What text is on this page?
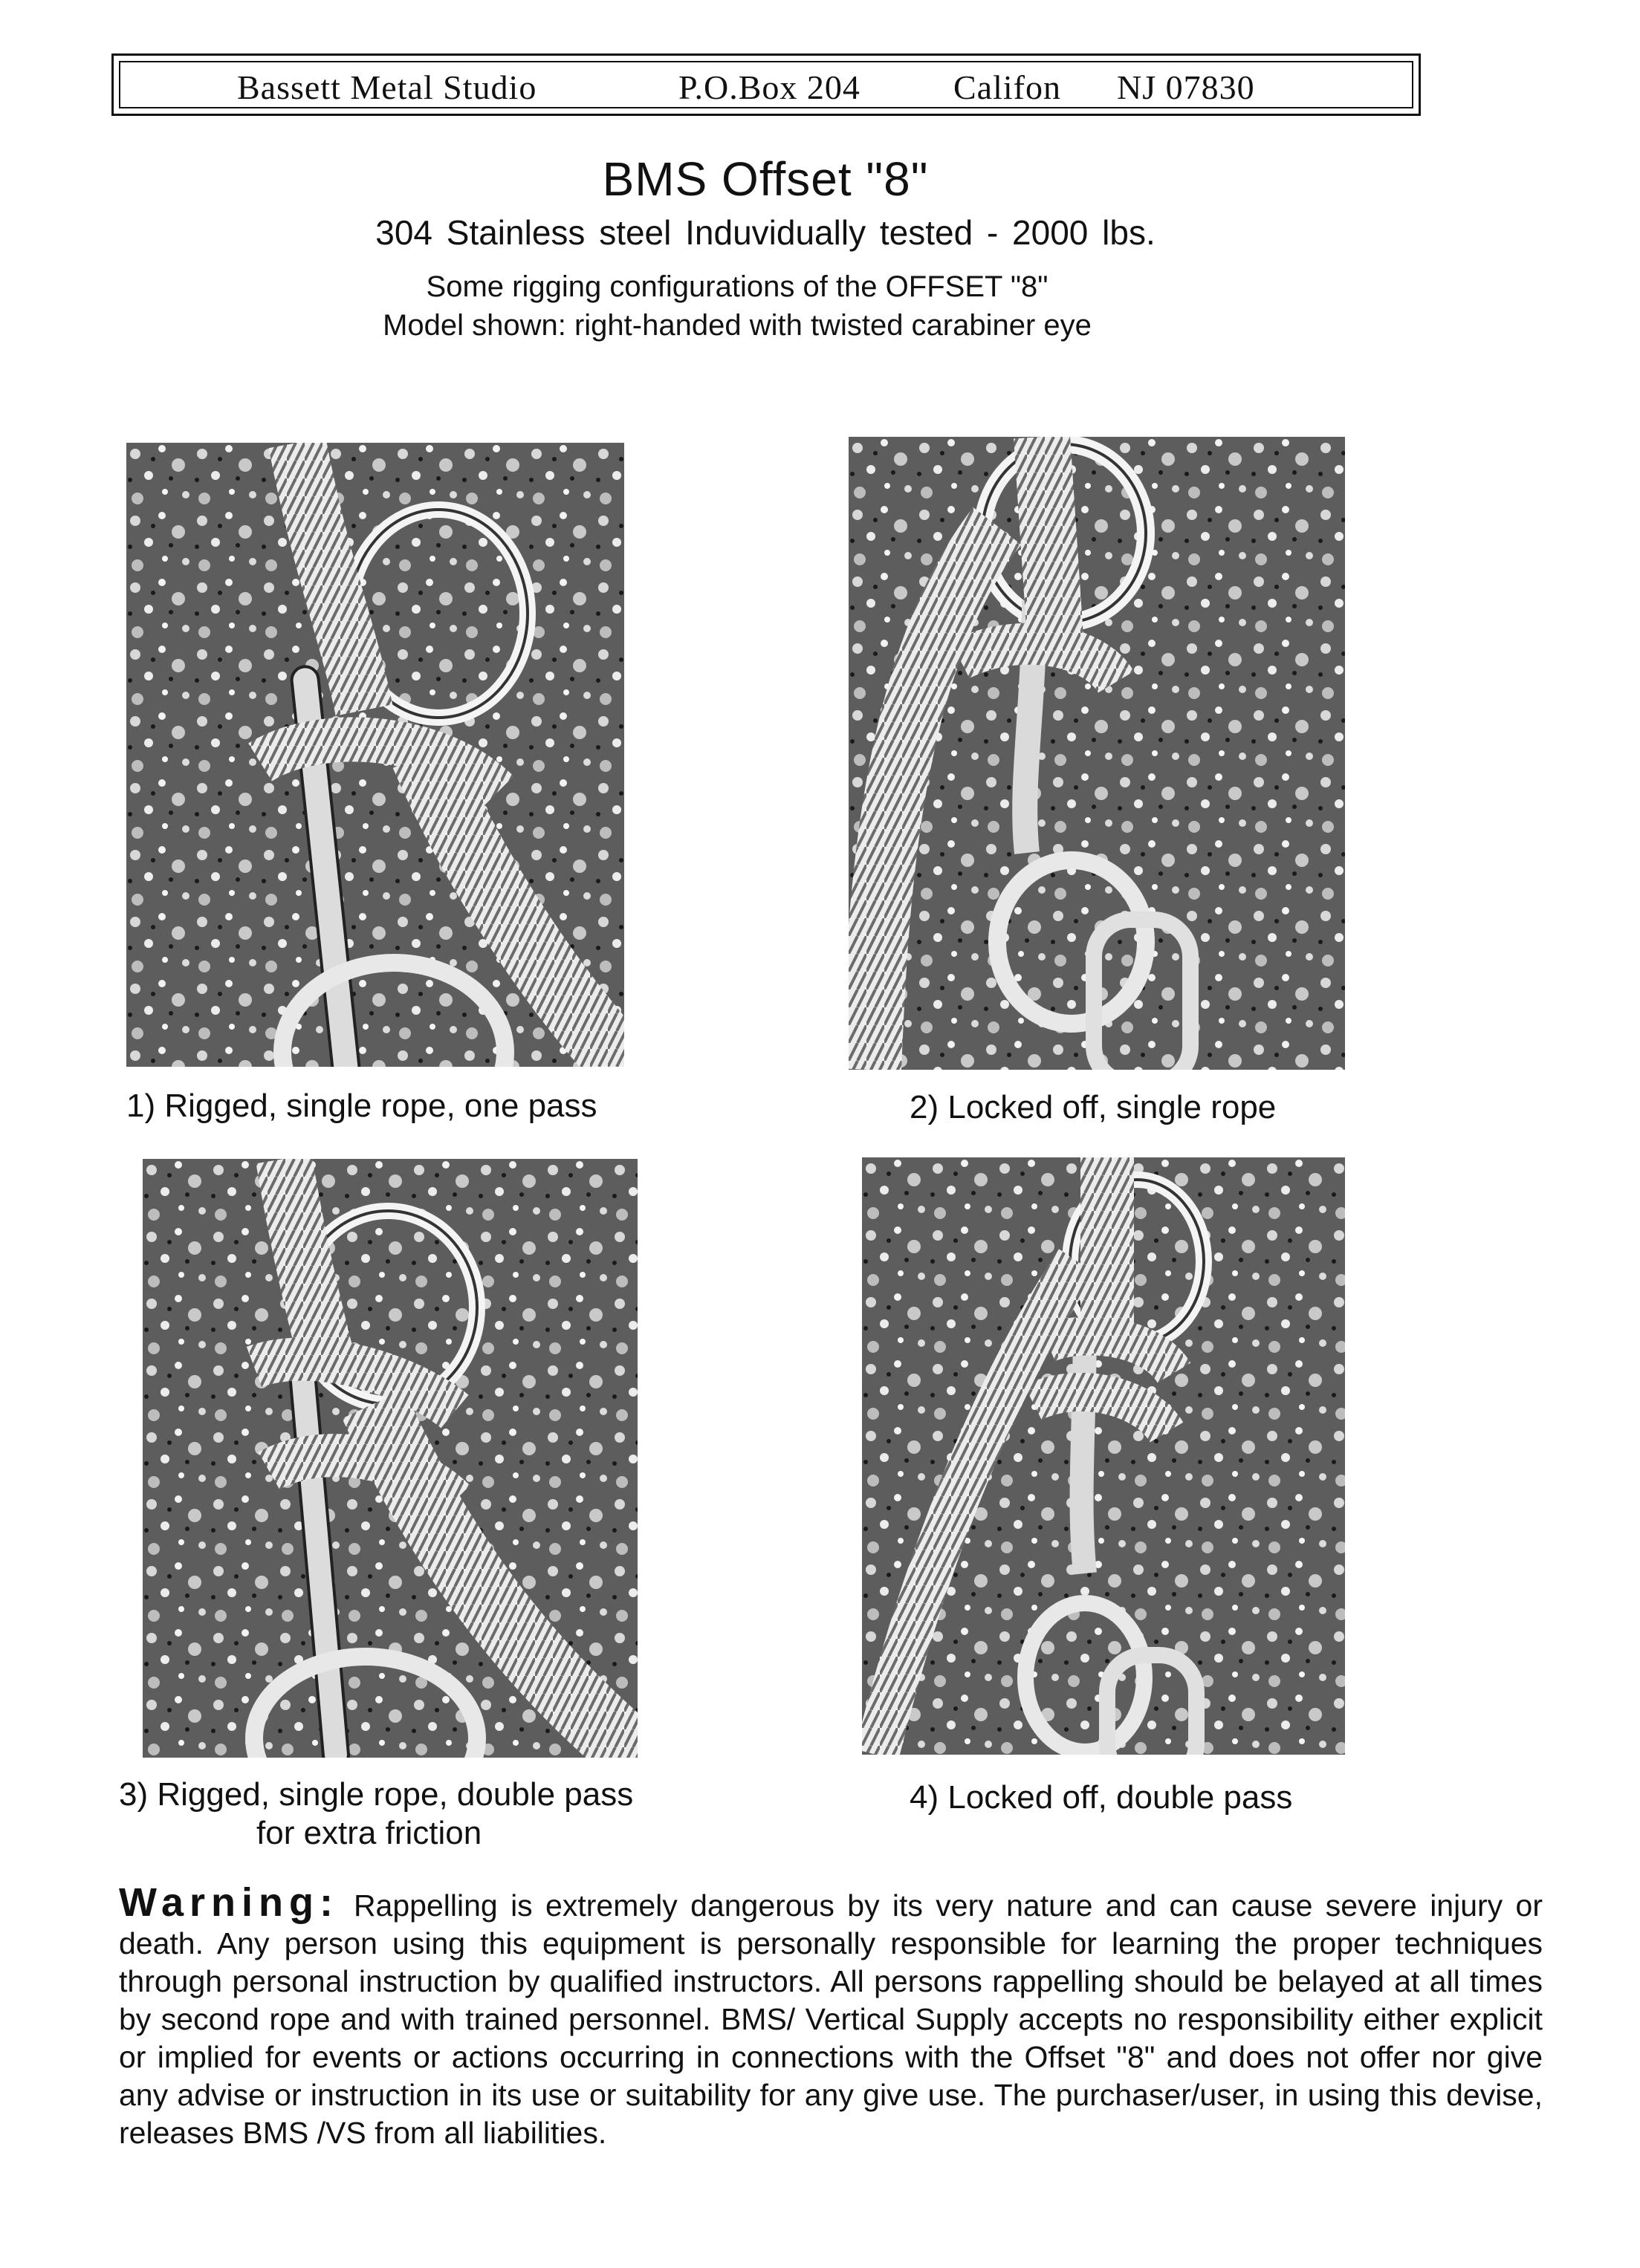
Bassett Metal Studio	P.O.Box 204	Califon NJ 07830
BMS Offset "8"
304 Stainless steel Induvidually tested - 2000 lbs.
Some rigging configurations of the OFFSET "8"
Model shown: right-handed with twisted carabiner eye
1) Rigged, single rope, one pass	2) Locked off, single rope
3) Rigged, single rope, double pass
for extra friction
4) Locked off, double pass
Warning: Rappelling is extremely dangerous by its very nature and can cause severe injury or death. Any person using this equipment is personally responsible for learning the proper techniques through personal instruction by qualified instructors. All persons rappelling should be belayed at all times by second rope and with trained personnel. BMS/ Vertical Supply accepts no responsibility either explicit or implied for events or actions occurring in connections with the Offset "8" and does not offer nor give any advise or instruction in its use or suitability for any give use. The purchaser/user, in using this devise, releases BMS /VS from all liabilities.
